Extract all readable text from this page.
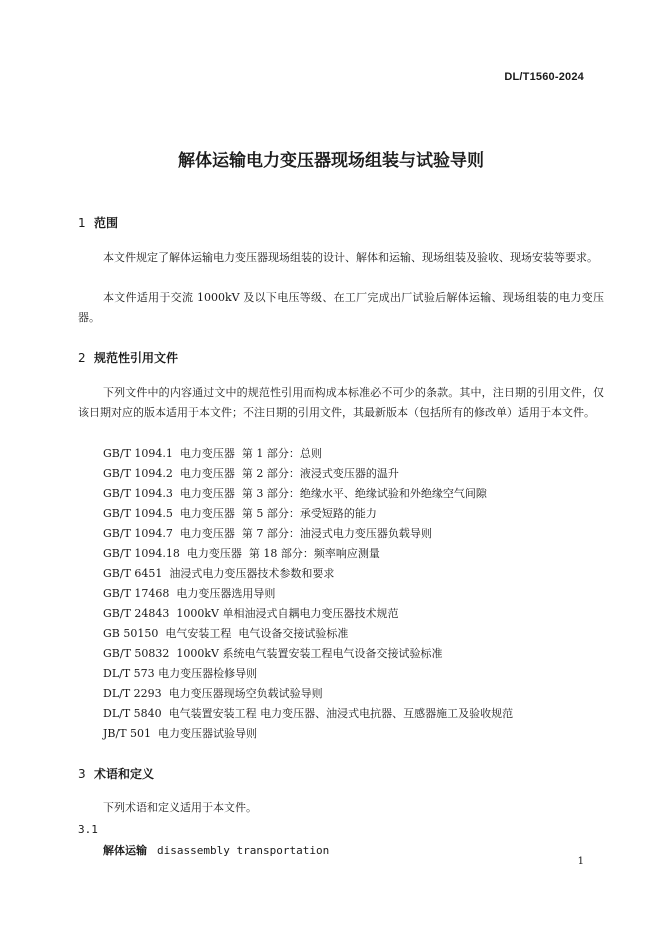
DL/T1560-2024
解体运输电力变压器现场组装与试验导则
1 范围
本文件规定了解体运输电力变压器现场组装的设计、解体和运输、现场组装及验收、现场安装等要求。
本文件适用于交流 1000kV 及以下电压等级、在工厂完成出厂试验后解体运输、现场组装的电力变压器。
2 规范性引用文件
下列文件中的内容通过文中的规范性引用而构成本标准必不可少的条款。其中，注日期的引用文件，仅该日期对应的版本适用于本文件；不注日期的引用文件，其最新版本（包括所有的修改单）适用于本文件。
GB/T 1094.1  电力变压器  第 1 部分：总则
GB/T 1094.2  电力变压器  第 2 部分：液浸式变压器的温升
GB/T 1094.3  电力变压器  第 3 部分：绝缘水平、绝缘试验和外绝缘空气间隙
GB/T 1094.5  电力变压器  第 5 部分：承受短路的能力
GB/T 1094.7  电力变压器  第 7 部分：油浸式电力变压器负载导则
GB/T 1094.18  电力变压器  第 18 部分：频率响应测量
GB/T 6451  油浸式电力变压器技术参数和要求
GB/T 17468  电力变压器选用导则
GB/T 24843  1000kV 单相油浸式自耦电力变压器技术规范
GB 50150  电气安装工程  电气设备交接试验标准
GB/T 50832  1000kV 系统电气装置安装工程电气设备交接试验标准
DL/T 573 电力变压器检修导则
DL/T 2293  电力变压器现场空负载试验导则
DL/T 5840  电气装置安装工程 电力变压器、油浸式电抗器、互感器施工及验收规范
JB/T 501  电力变压器试验导则
3 术语和定义
下列术语和定义适用于本文件。
3.1
解体运输 disassembly transportation
1
